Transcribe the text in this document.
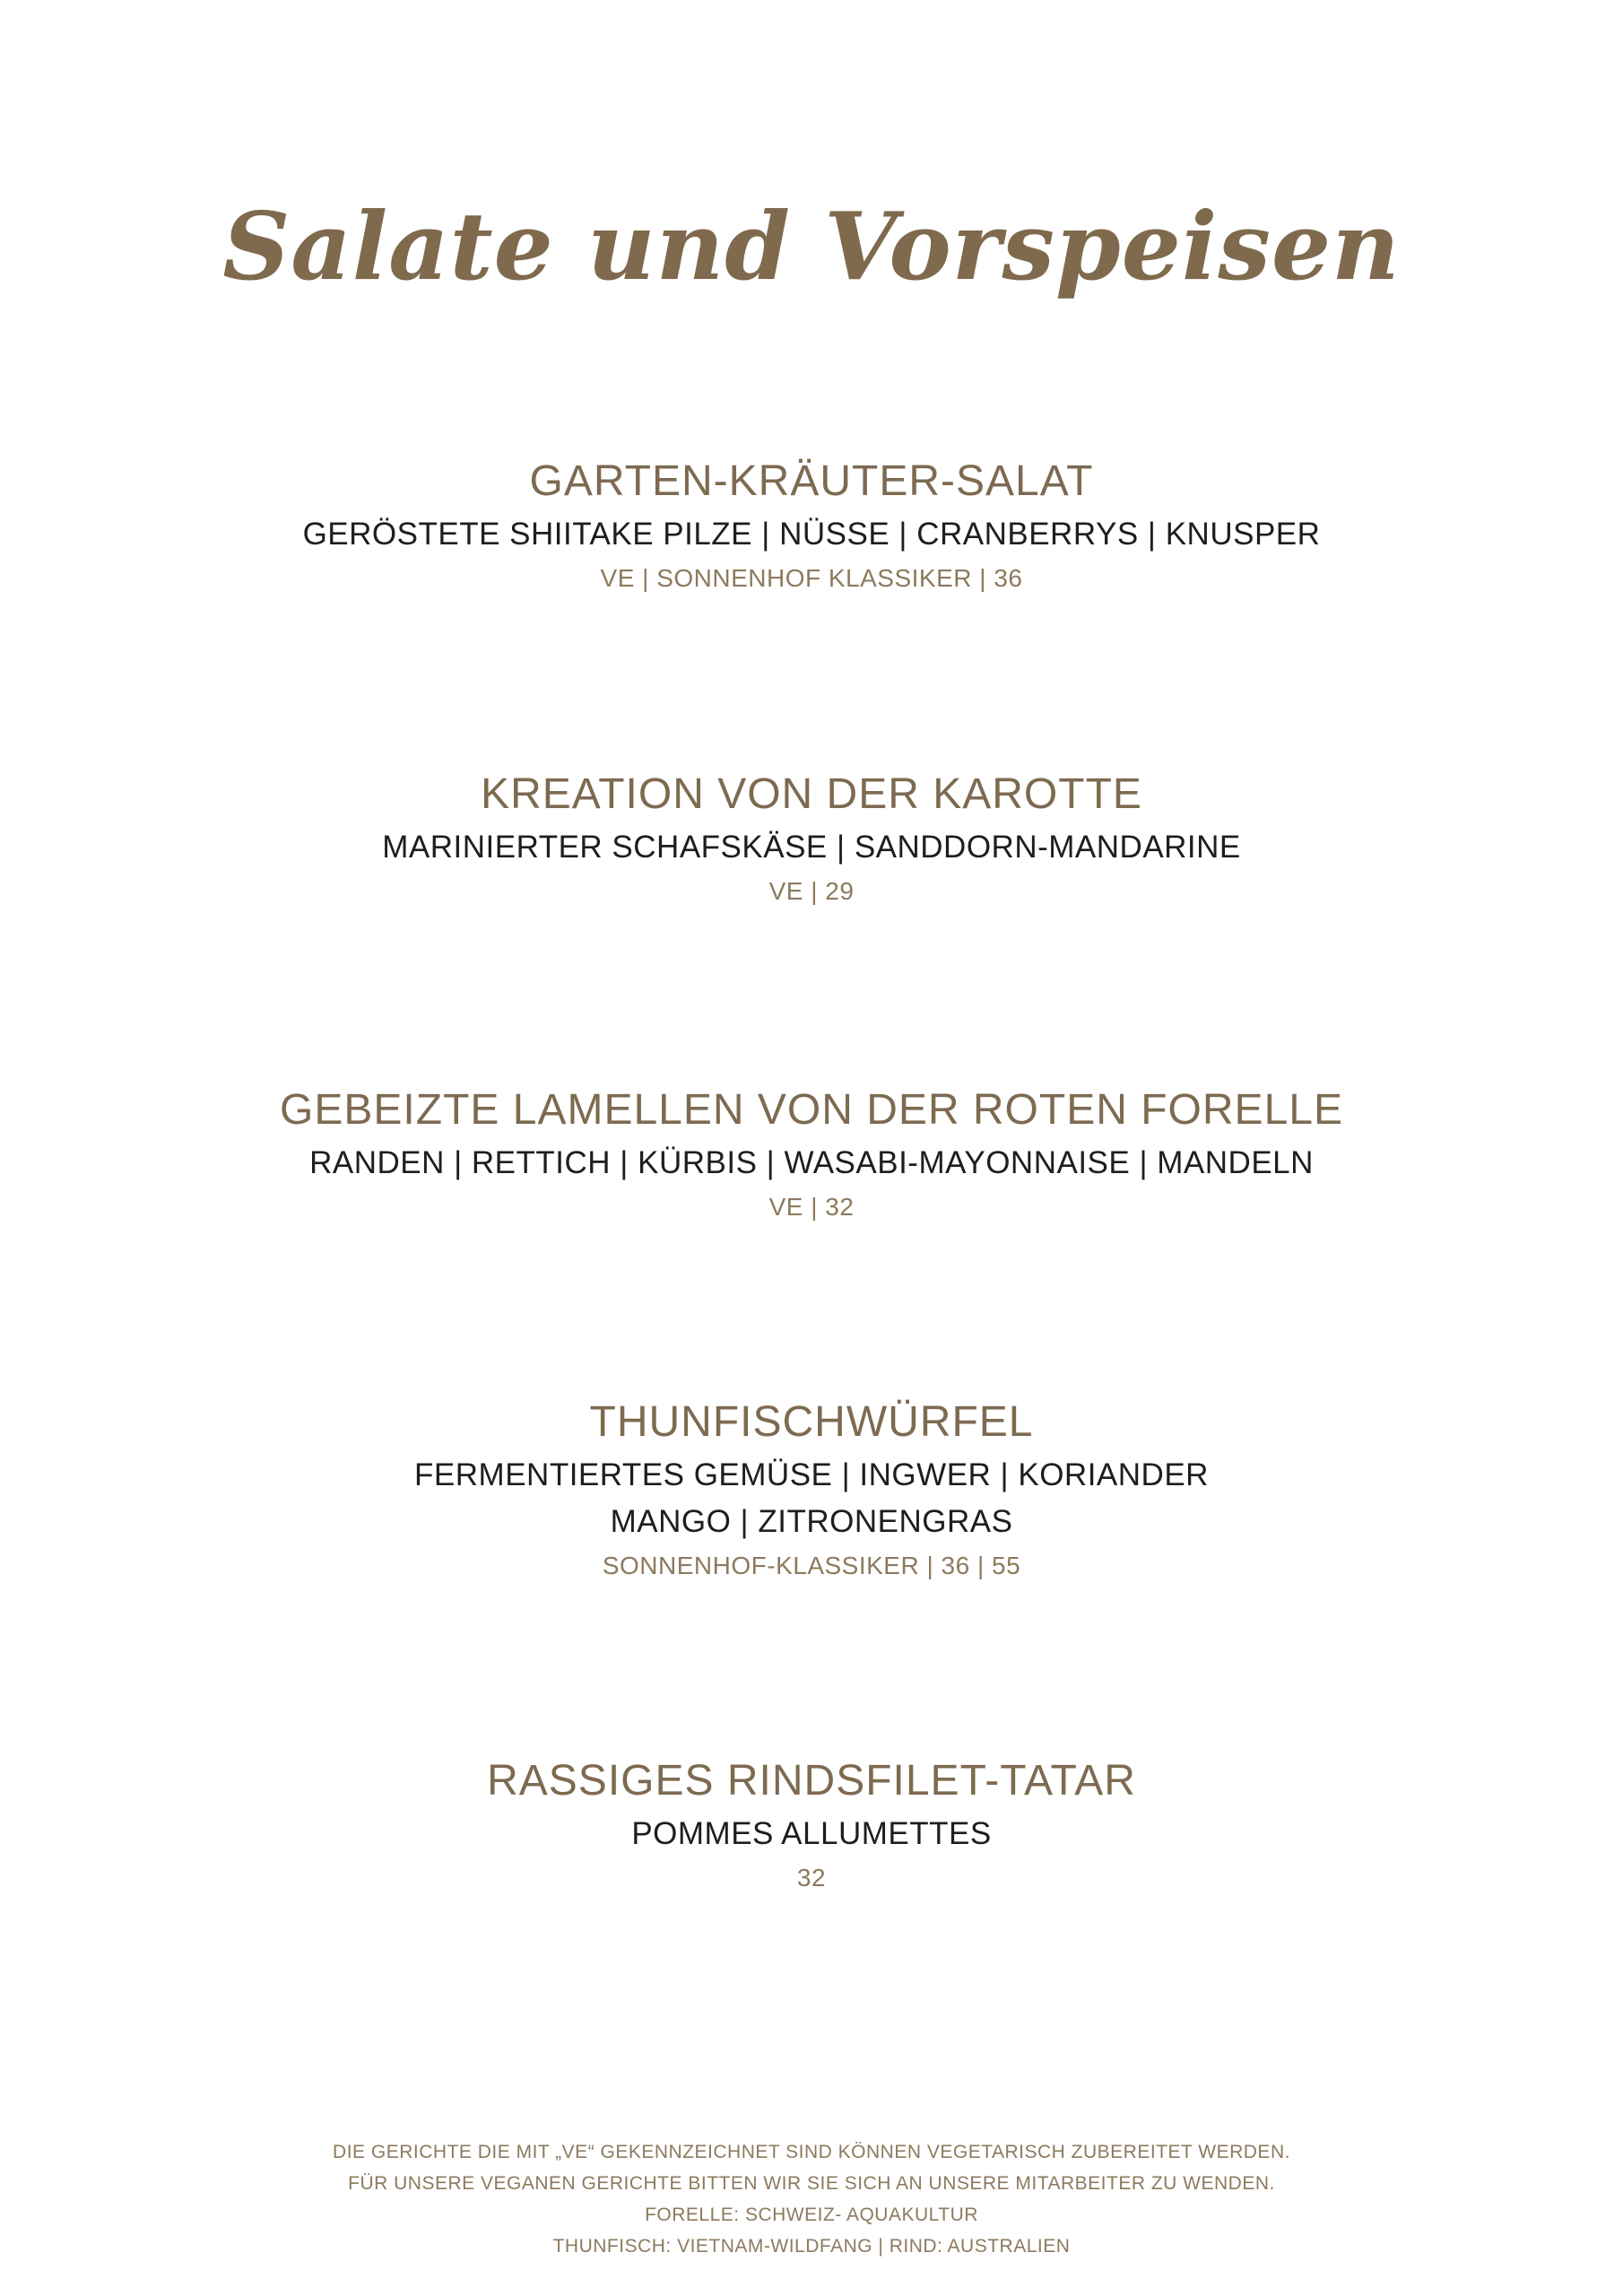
Salate und Vorspeisen
GARTEN-KRÄUTER-SALAT
GERÖSTETE SHIITAKE PILZE | NÜSSE | CRANBERRYS | KNUSPER
VE | SONNENHOF KLASSIKER | 36
KREATION VON DER KAROTTE
MARINIERTER SCHAFSKÄSE | SANDDORN-MANDARINE
VE | 29
GEBEIZTE LAMELLEN VON DER ROTEN FORELLE
RANDEN | RETTICH | KÜRBIS | WASABI-MAYONNAISE | MANDELN
VE | 32
THUNFISCHWÜRFEL
FERMENTIERTES GEMÜSE | INGWER | KORIANDER
MANGO | ZITRONENGRAS
SONNENHOF-KLASSIKER | 36 | 55
RASSIGES RINDSFILET-TATAR
POMMES ALLUMETTES
32
DIE GERICHTE DIE MIT „VE“ GEKENNZEICHNET SIND KÖNNEN VEGETARISCH ZUBEREITET WERDEN.
FÜR UNSERE VEGANEN GERICHTE BITTEN WIR SIE SICH AN UNSERE MITARBEITER ZU WENDEN.
FORELLE: SCHWEIZ- AQUAKULTUR
THUNFISCH: VIETNAM-WILDFANG | RIND: AUSTRALIEN
